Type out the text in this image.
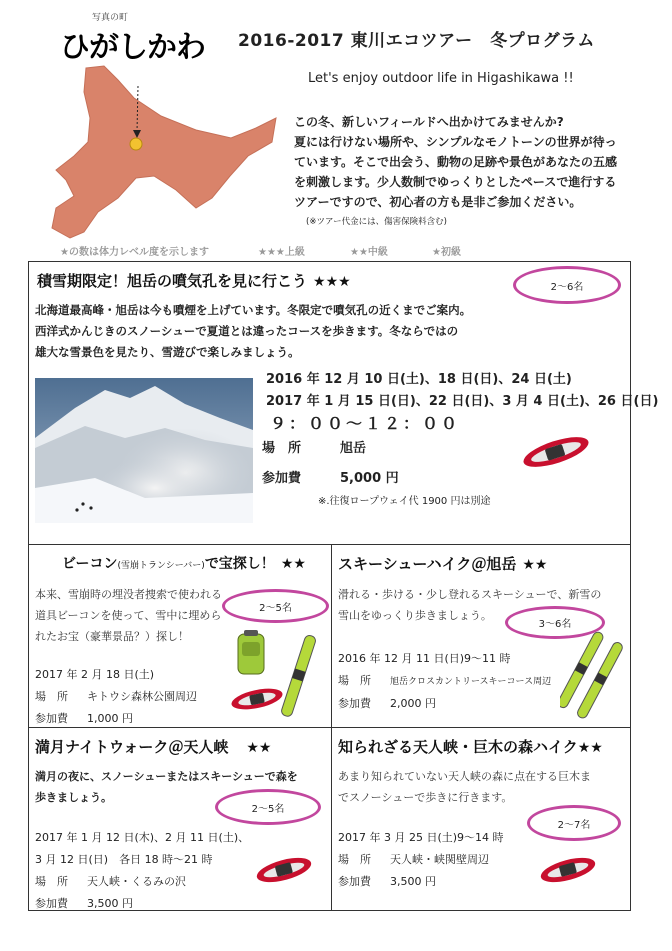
写真の町
ひがしかわ 2016-2017 東川エコツアー　冬プログラム
Let's enjoy outdoor life in Higashikawa !!

この冬、新しいフィールドへ出かけてみませんか?

夏には行けない場所や、シンプルなモノトーンの世界が待っ

ています。そこで出会う、動物の足跡や景色があなたの五感

を刺激します。少人数制でゆっくりとしたペースで進行する

ツアーですので、初心者の方も是非ご参加ください。

(※ツアー代金には、傷害保険料含む)

★の数は体力レベル度を示します	★★★上級	★★中級	★初級
積雪期限定！旭岳の噴気孔を見に行こう ★★★	2～6名
北海道最高峰・旭岳は今も噴煙を上げています。冬限定で噴気孔の近くまでご案内。
西洋式かんじきのスノーシューで夏道とは違ったコースを歩きます。冬ならではの
雄大な雪景色を見たり、雪遊びで楽しみましょう。
2016 年 12 月 10 日(土)、18 日(日)、24 日(土)
2017 年 1 月 15 日(日)、22 日(日)、3 月 4 日(土)、26 日(日)
９：００～１２：００
場　所	旭岳
参加費	5,000 円
※.往復ロープウェイ代 1900 円は別途
ビーコン(雪崩トランシーバー)で宝探し！ ★★
本来、雪崩時の埋没者捜索で使われる
道具ビーコンを使って、雪中に埋めら
れたお宝（豪華景品？）探し！
2～5名
2017 年 2 月 18 日(土)
場　所 キトウシ森林公園周辺
参加費 1,000 円
スキーシューハイク＠旭岳 ★★
滑れる・歩ける・少し登れるスキーシューで、新雪の
雪山をゆっくり歩きましょう。
3～6名
2016 年 12 月 11 日(日)9～11 時
場　所 旭岳クロスカントリースキーコース周辺
参加費 2,000 円
満月ナイトウォーク＠天人峡 ★★
満月の夜に、スノーシューまたはスキーシューで森を
歩きましょう。
2～5名
2017 年 1 月 12 日(木)、2 月 11 日(土)、
3 月 12 日(日)　各日 18 時～21 時
場　所 天人峡・くるみの沢
参加費 3,500 円
知られざる天人峡・巨木の森ハイク★★
あまり知られていない天人峡の森に点在する巨木ま
でスノーシューで歩きに行きます。
2～7名
2017 年 3 月 25 日(土)9～14 時
場　所 天人峡・峡関壁周辺
参加費 3,500 円
